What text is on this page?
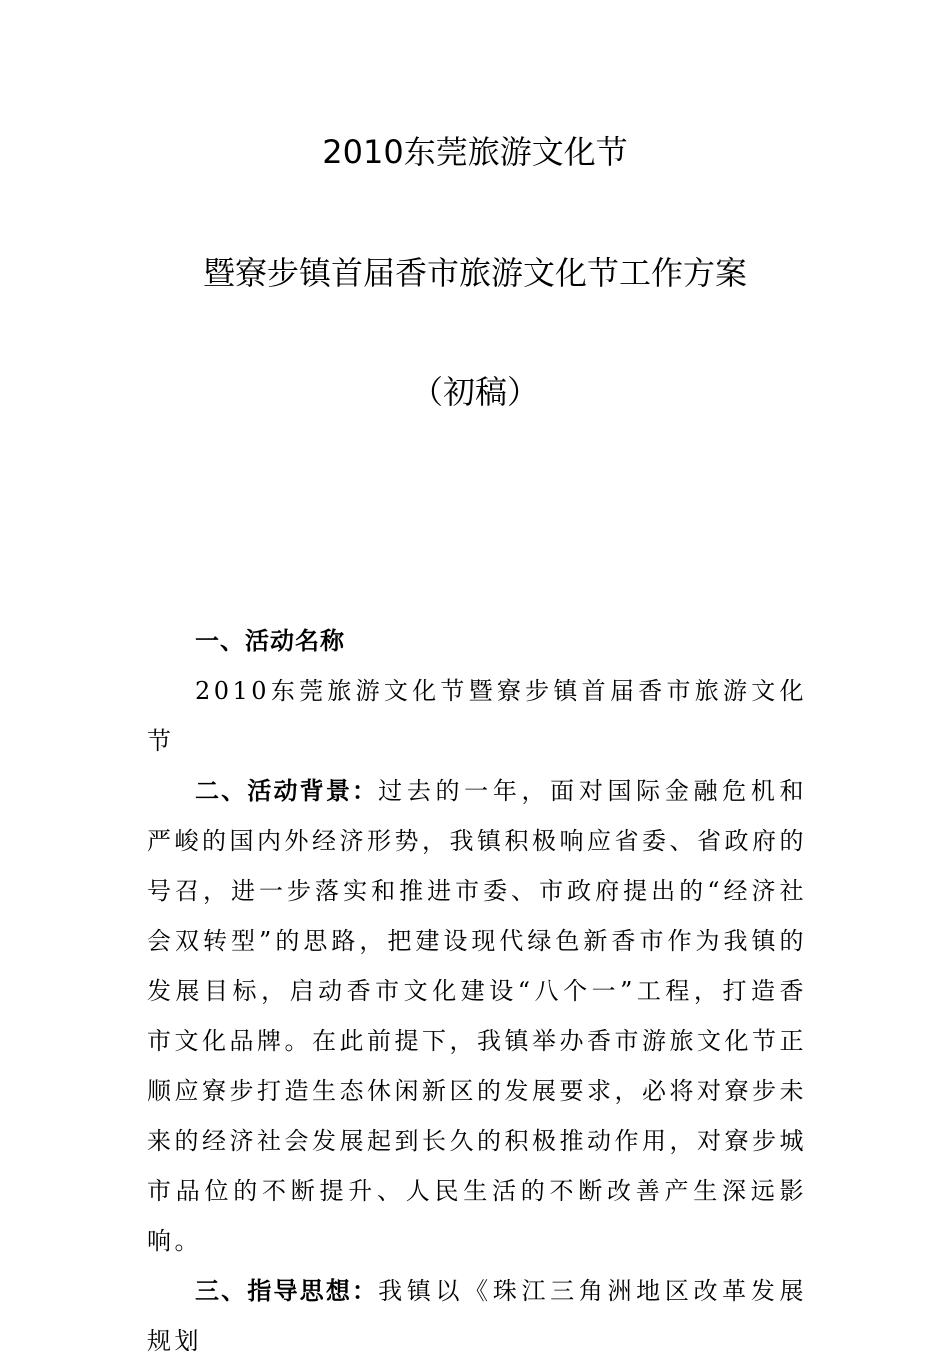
2010东莞旅游文化节
暨寮步镇首届香市旅游文化节工作方案
（初稿）

一、活动名称

2010东莞旅游文化节暨寮步镇首届香市旅游文化节

二、活动背景：过去的一年，面对国际金融危机和严峻的国内外经济形势，我镇积极响应省委、省政府的号召，进一步落实和推进市委、市政府提出的“经济社会双转型”的思路，把建设现代绿色新香市作为我镇的发展目标，启动香市文化建设“八个一”工程，打造香市文化品牌。在此前提下，我镇举办香市游旅文化节正顺应寮步打造生态休闲新区的发展要求，必将对寮步未来的经济社会发展起到长久的积极推动作用，对寮步城市品位的不断提升、人民生活的不断改善产生深远影响。

三、指导思想：我镇以《珠江三角洲地区改革发展规划
